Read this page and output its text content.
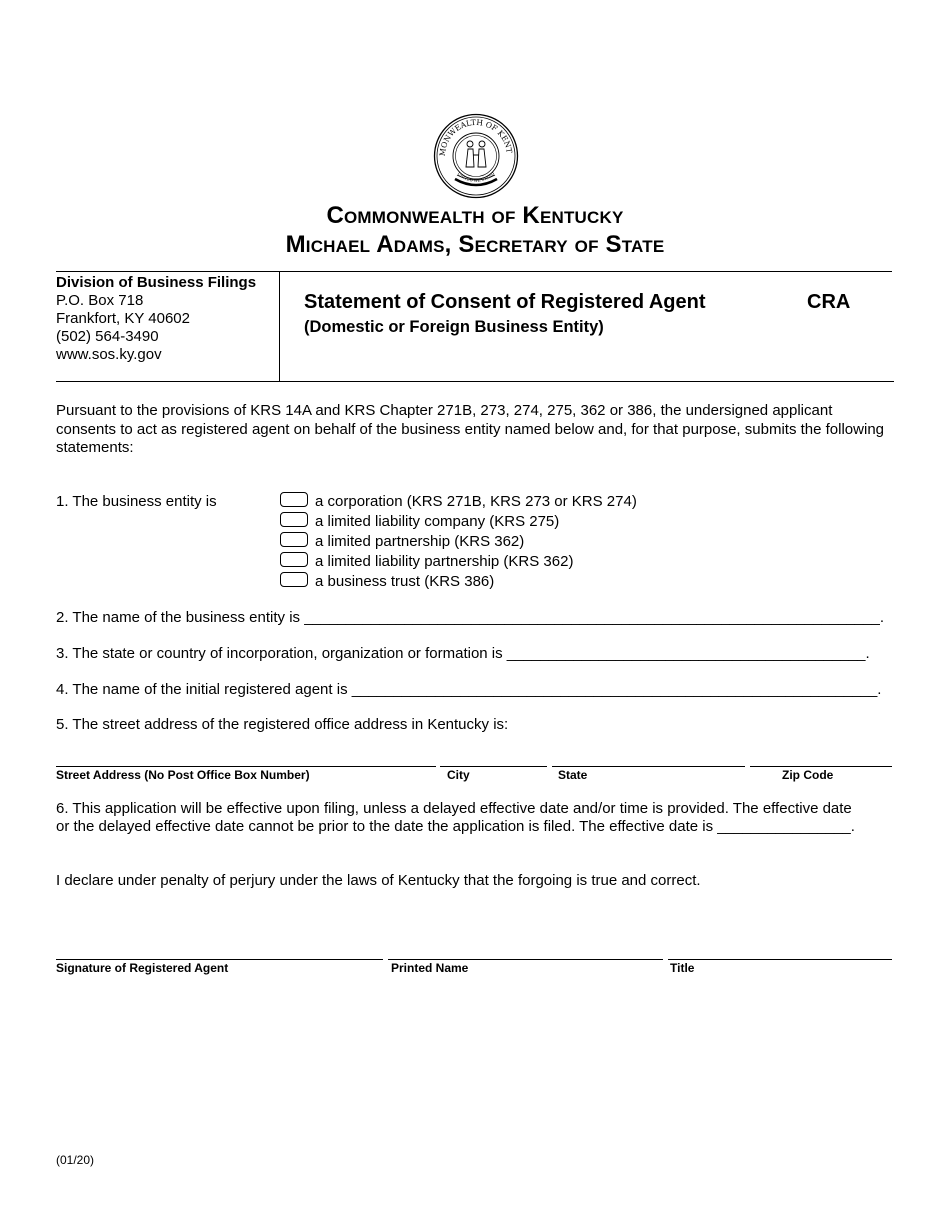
MONWEALTH OF KENT
UNITED WE STAND
Commonwealth of Kentucky
Michael Adams, Secretary of State
Division of Business Filings
P.O. Box 718
Frankfort, KY 40602
(502) 564-3490
www.sos.ky.gov
Statement of Consent of Registered Agent	CRA
(Domestic or Foreign Business Entity)
Pursuant to the provisions of KRS 14A and KRS Chapter 271B, 273, 274, 275, 362 or 386, the undersigned applicant consents to act as registered agent on behalf of the business entity named below and, for that purpose, submits the following statements:
1. The business entity is	a corporation (KRS 271B, KRS 273 or KRS 274)
a limited liability company (KRS 275)
a limited partnership (KRS 362)
a limited liability partnership (KRS 362)
a business trust (KRS 386)
2. The name of the business entity is _____________________________________________________________________.
3. The state or country of incorporation, organization or formation is ___________________________________________.
4. The name of the initial registered agent is _______________________________________________________________.
5. The street address of the registered office address in Kentucky is:
Street Address (No Post Office Box Number)	City	State	Zip Code
6. This application will be effective upon filing, unless a delayed effective date and/or time is provided. The effective date
or the delayed effective date cannot be prior to the date the application is filed. The effective date is ________________.
I declare under penalty of perjury under the laws of Kentucky that the forgoing is true and correct.
Signature of Registered Agent	Printed Name	Title
(01/20)
